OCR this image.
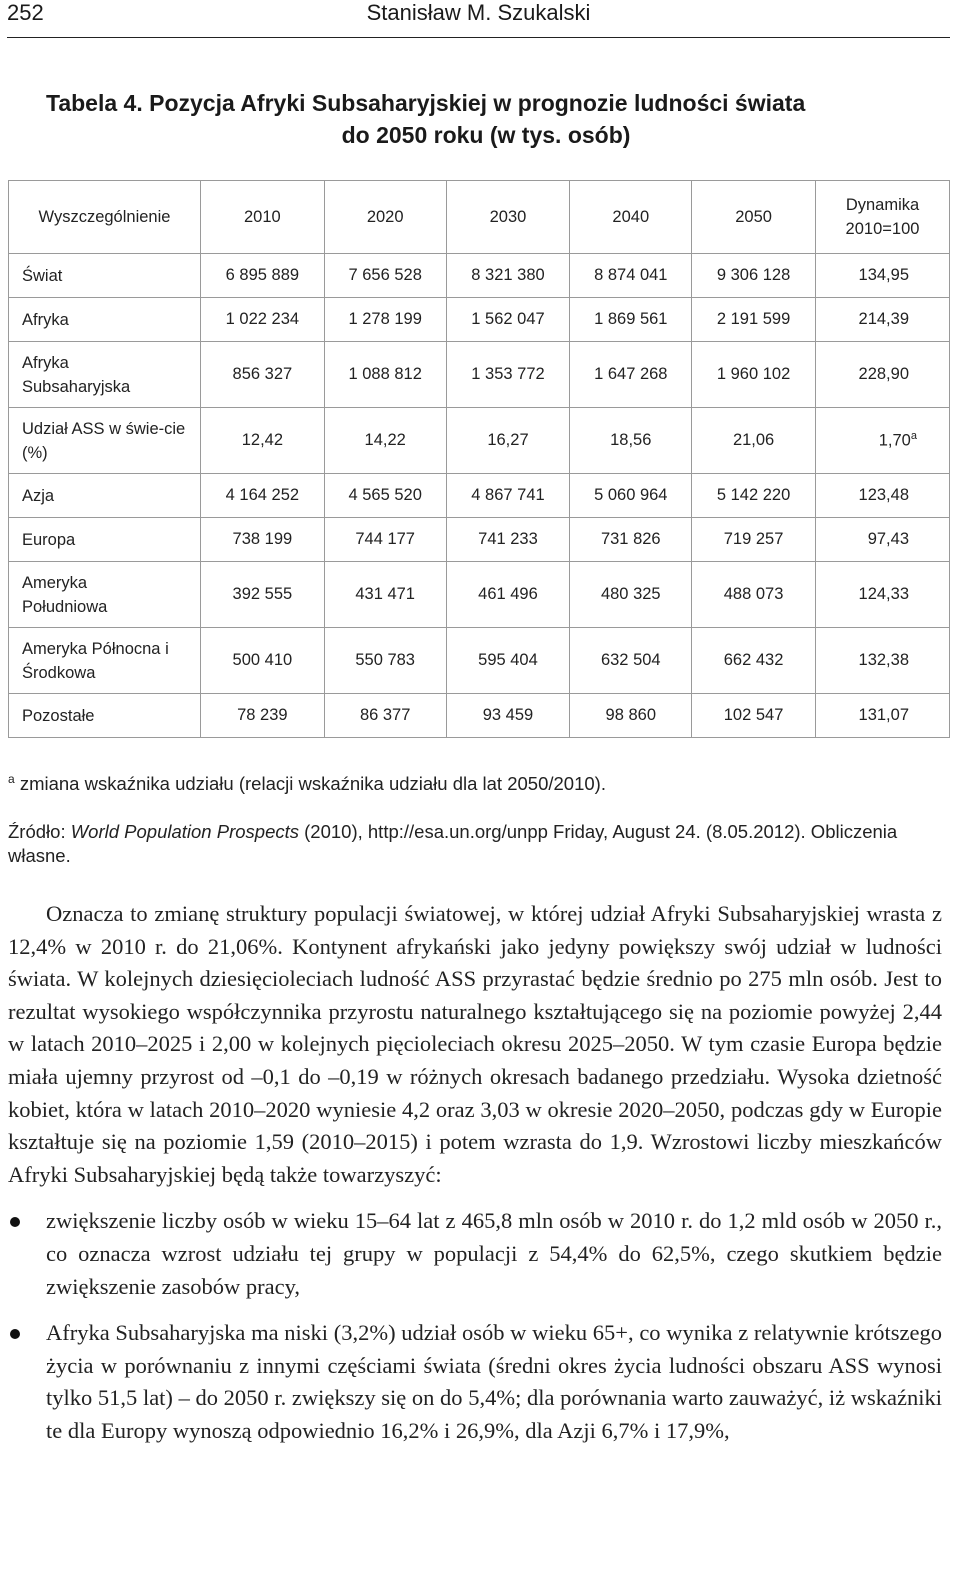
252	Stanisław M. Szukalski
Tabela 4. Pozycja Afryki Subsaharyjskiej w prognozie ludności świata
do 2050 roku (w tys. osób)
Wyszczególnienie	2010	2020	2030	2040	2050	Dynamika 2010=100
Świat	6 895 889	7 656 528	8 321 380	8 874 041	9 306 128	134,95
Afryka	1 022 234	1 278 199	1 562 047	1 869 561	2 191 599	214,39
Afryka Subsaharyjska	856 327	1 088 812	1 353 772	1 647 268	1 960 102	228,90
Udział ASS w świe-cie (%)	12,42	14,22	16,27	18,56	21,06	1,70$^a$
Azja	4 164 252	4 565 520	4 867 741	5 060 964	5 142 220	123,48
Europa	738 199	744 177	741 233	731 826	719 257	97,43
Ameryka Południowa	392 555	431 471	461 496	480 325	488 073	124,33
Ameryka Północna i Środkowa	500 410	550 783	595 404	632 504	662 432	132,38
Pozostałe	78 239	86 377	93 459	98 860	102 547	131,07
$^a$ zmiana wskaźnika udziału (relacji wskaźnika udziału dla lat 2050/2010).
Źródło: World Population Prospects (2010), http://esa.un.org/unpp Friday, August 24. (8.05.2012). Obliczenia własne.

Oznacza to zmianę struktury populacji światowej, w której udział Afryki Subsaharyjskiej wrasta z 12,4% w 2010 r. do 21,06%. Kontynent afrykański jako jedyny powiększy swój udział w ludności świata. W kolejnych dziesięcioleciach ludność ASS przyrastać będzie średnio po 275 mln osób. Jest to rezultat wysokiego współczynnika przyrostu naturalnego kształtującego się na poziomie powyżej 2,44 w latach 2010–2025 i 2,00 w kolejnych pięcioleciach okresu 2025–2050. W tym czasie Europa będzie miała ujemny przyrost od –0,1 do –0,19 w różnych okresach badanego przedziału. Wysoka dzietność kobiet, która w latach 2010–2020 wyniesie 4,2 oraz 3,03 w okresie 2020–2050, podczas gdy w Europie kształtuje się na poziomie 1,59 (2010–2015) i potem wzrasta do 1,9. Wzrostowi liczby mieszkańców Afryki Subsaharyjskiej będą także towarzyszyć:

zwiększenie liczby osób w wieku 15–64 lat z 465,8 mln osób w 2010 r. do 1,2 mld osób w 2050 r., co oznacza wzrost udziału tej grupy w populacji z 54,4% do 62,5%, czego skutkiem będzie zwiększenie zasobów pracy,
Afryka Subsaharyjska ma niski (3,2%) udział osób w wieku 65+, co wynika z relatywnie krótszego życia w porównaniu z innymi częściami świata (średni okres życia ludności obszaru ASS wynosi tylko 51,5 lat) – do 2050 r. zwiększy się on do 5,4%; dla porównania warto zauważyć, iż wskaźniki te dla Europy wynoszą odpowiednio 16,2% i 26,9%, dla Azji 6,7% i 17,9%,
